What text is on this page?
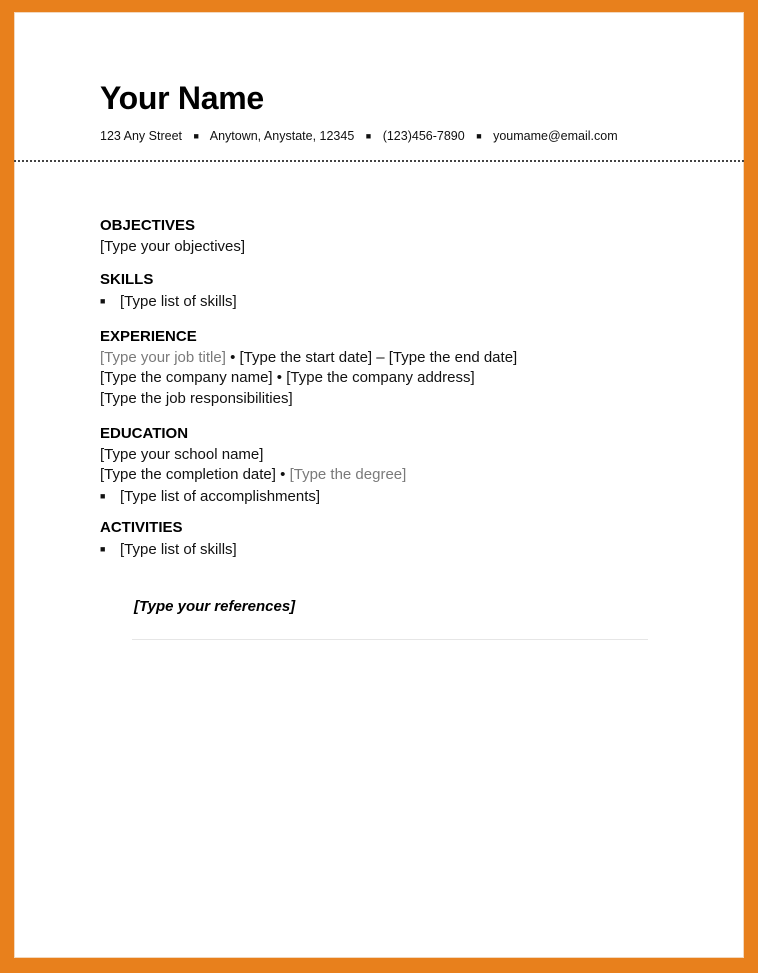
Your Name
123 Any Street ■ Anytown, Anystate, 12345 ■ (123)456-7890 ■ youmame@email.com
OBJECTIVES
[Type your objectives]
SKILLS
■ [Type list of skills]
EXPERIENCE
[Type your job title] • [Type the start date] – [Type the end date]
[Type the company name] • [Type the company address]
[Type the job responsibilities]
EDUCATION
[Type your school name]
[Type the completion date] • [Type the degree]
■ [Type list of accomplishments]
ACTIVITIES
■ [Type list of skills]
[Type your references]
